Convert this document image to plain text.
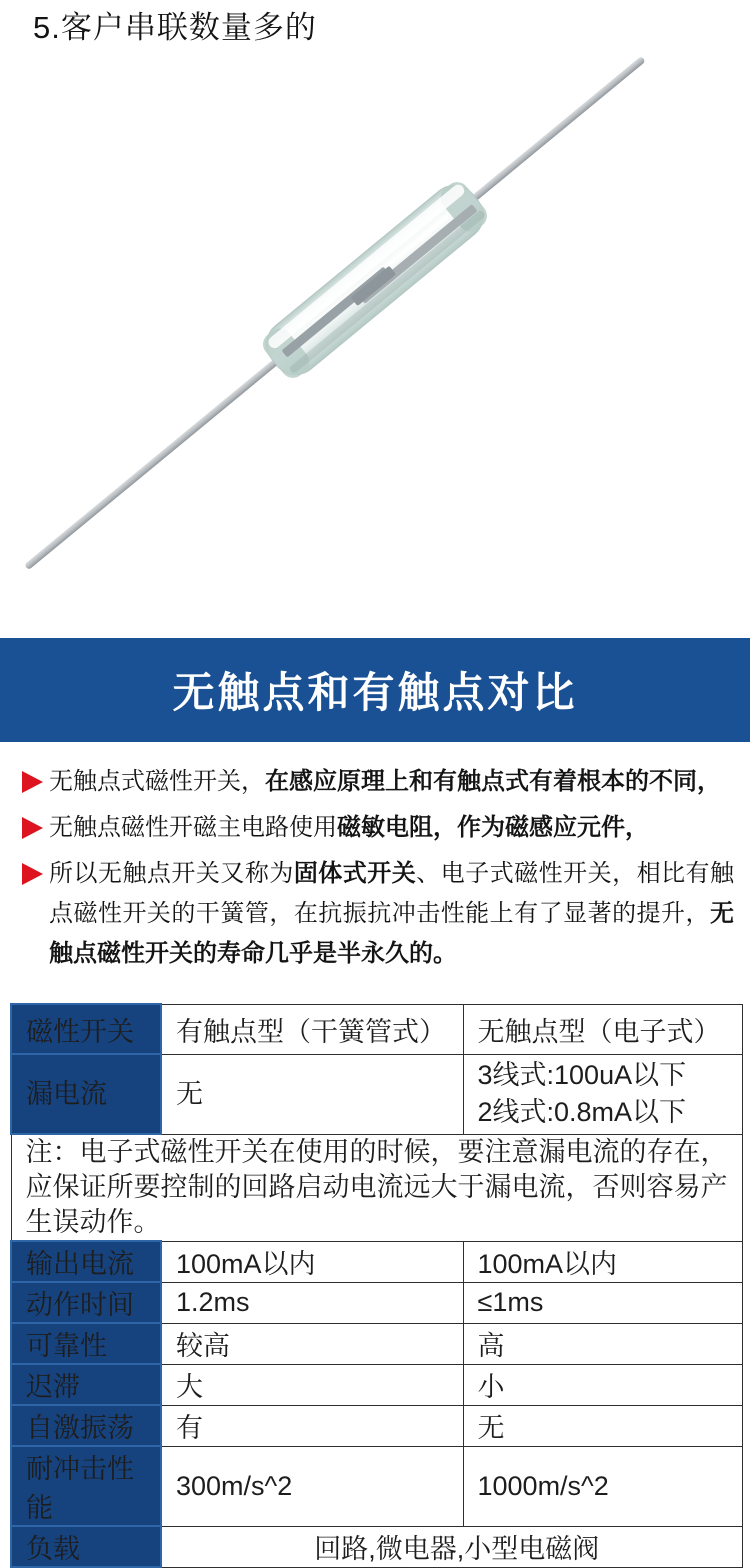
5.客户串联数量多的
无触点和有触点对比
无触点式磁性开关，在感应原理上和有触点式有着根本的不同，
无触点磁性开磁主电路使用磁敏电阻，作为磁感应元件，
所以无触点开关又称为固体式开关、电子式磁性开关，相比有触点磁性开关的干簧管，在抗振抗冲击性能上有了显著的提升，无触点磁性开关的寿命几乎是半永久的。
磁性开关	有触点型（干簧管式）	无触点型（电子式）
漏电流	无	3线式:100uA以下
2线式:0.8mA以下
注：电子式磁性开关在使用的时候，要注意漏电流的存在，应保证所要控制的回路启动电流远大于漏电流，否则容易产生误动作。		
输出电流	100mA以内	100mA以内
动作时间	1.2ms	≤1ms
可靠性	较高	高
迟滞	大	小
自激振荡	有	无
耐冲击性能	300m/s^2	1000m/s^2
负载	回路,微电器,小型电磁阀	
